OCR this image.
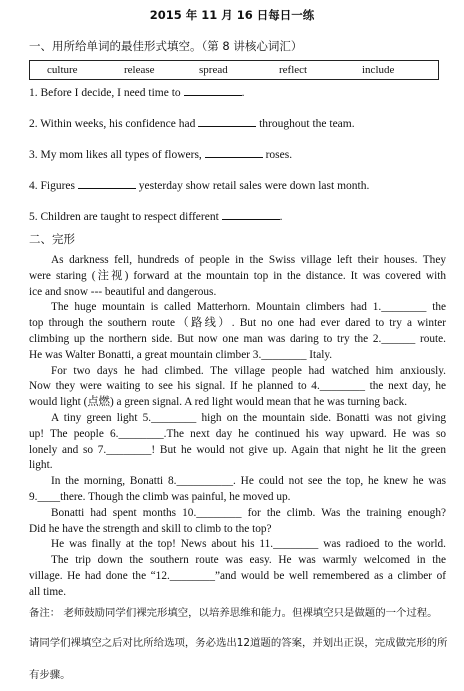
2015 年 11 月 16 日每日一练
一、用所给单词的最佳形式填空。（第 8 讲核心词汇）
culture	release	spread	reflect	include
1. Before I decide, I need time to	.
2. Within weeks, his confidence had	throughout the team.
3. My mom likes all types of flowers,	roses.
4. Figures	yesterday show retail sales were down last month.
5. Children are taught to respect different	.
二、完形
As darkness fell, hundreds of people in the Swiss village left their houses. They
were staring (注视) forward at the mountain top in the distance. It was covered with
ice and snow --- beautiful and dangerous.
The huge mountain is called Matterhorn. Mountain climbers had 1.________ the
top through the southern route（路线）. But no one had ever dared to try a winter
climbing up the northern side. But now one man was daring to try the 2.______ route.
He was Walter Bonatti, a great mountain climber 3.________ Italy.
For two days he had climbed. The village people had watched him anxiously.
Now they were waiting to see his signal. If he planned to 4.________ the next day, he
would light (点燃) a green signal. A red light would mean that he was turning back.
A tiny green light 5.________ high on the mountain side. Bonatti was not giving
up! The people 6.________.The next day he continued his way upward. He was so
lonely and so 7.________! But he would not give up. Again that night he lit the green
light.
In the morning, Bonatti 8.__________. He could not see the top, he knew he was
9.____there. Though the climb was painful, he moved up.
Bonatti had spent months 10.________ for the climb. Was the training enough?
Did he have the strength and skill to climb to the top?
He was finally at the top! News about his 11.________ was radioed to the world.
The trip down the southern route was easy. He was warmly welcomed in the
village. He had done the “12.________”and would be well remembered as a climber of
all time.
备注： 老师鼓励同学们裸完形填空，以培养思维和能力。但裸填空只是做题的一个过程。
请同学们裸填空之后对比所给选项，务必选出12道题的答案，并划出正误，完成做完形的所
有步骤。
